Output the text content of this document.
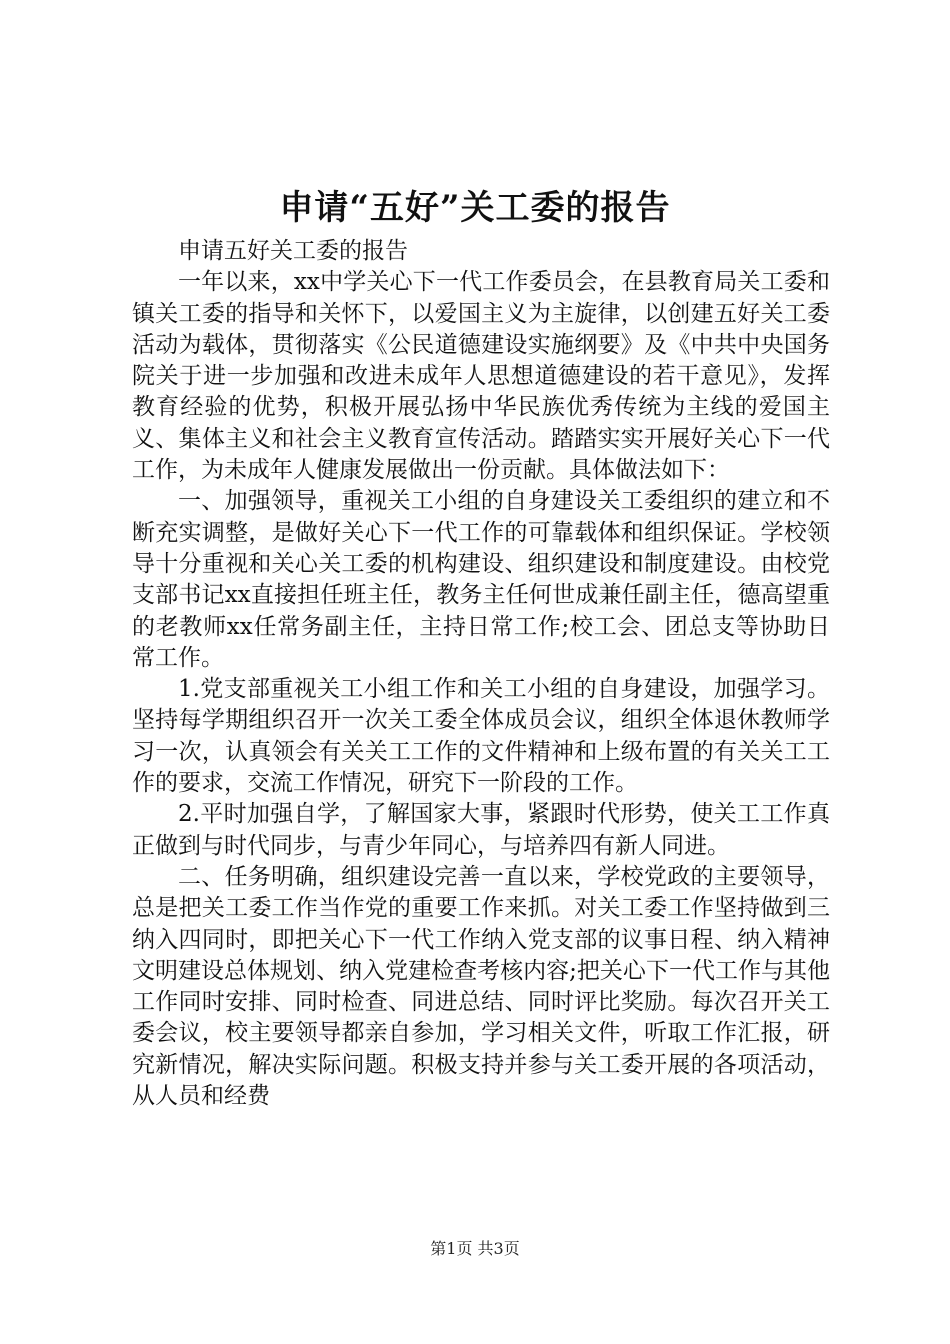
申请“五好”关工委的报告

申请五好关工委的报告

一年以来，xx中学关心下一代工作委员会，在县教育局关工委和镇关工委的指导和关怀下，以爱国主义为主旋律，以创建五好关工委活动为载体，贯彻落实《公民道德建设实施纲要》及《中共中央国务院关于进一步加强和改进未成年人思想道德建设的若干意见》，发挥教育经验的优势，积极开展弘扬中华民族优秀传统为主线的爱国主义、集体主义和社会主义教育宣传活动。踏踏实实开展好关心下一代工作，为未成年人健康发展做出一份贡献。具体做法如下：

一、加强领导，重视关工小组的自身建设关工委组织的建立和不断充实调整，是做好关心下一代工作的可靠载体和组织保证。学校领导十分重视和关心关工委的机构建设、组织建设和制度建设。由校党支部书记xx直接担任班主任，教务主任何世成兼任副主任，德高望重的老教师xx任常务副主任，主持日常工作;校工会、团总支等协助日常工作。

1.党支部重视关工小组工作和关工小组的自身建设，加强学习。坚持每学期组织召开一次关工委全体成员会议，组织全体退休教师学习一次，认真领会有关关工工作的文件精神和上级布置的有关关工工作的要求，交流工作情况，研究下一阶段的工作。

2.平时加强自学，了解国家大事，紧跟时代形势，使关工工作真正做到与时代同步，与青少年同心，与培养四有新人同进。

二、任务明确，组织建设完善一直以来，学校党政的主要领导，总是把关工委工作当作党的重要工作来抓。对关工委工作坚持做到三纳入四同时，即把关心下一代工作纳入党支部的议事日程、纳入精神文明建设总体规划、纳入党建检查考核内容;把关心下一代工作与其他工作同时安排、同时检查、同进总结、同时评比奖励。每次召开关工委会议，校主要领导都亲自参加，学习相关文件，听取工作汇报，研究新情况，解决实际问题。积极支持并参与关工委开展的各项活动，从人员和经费

第1页 共3页
